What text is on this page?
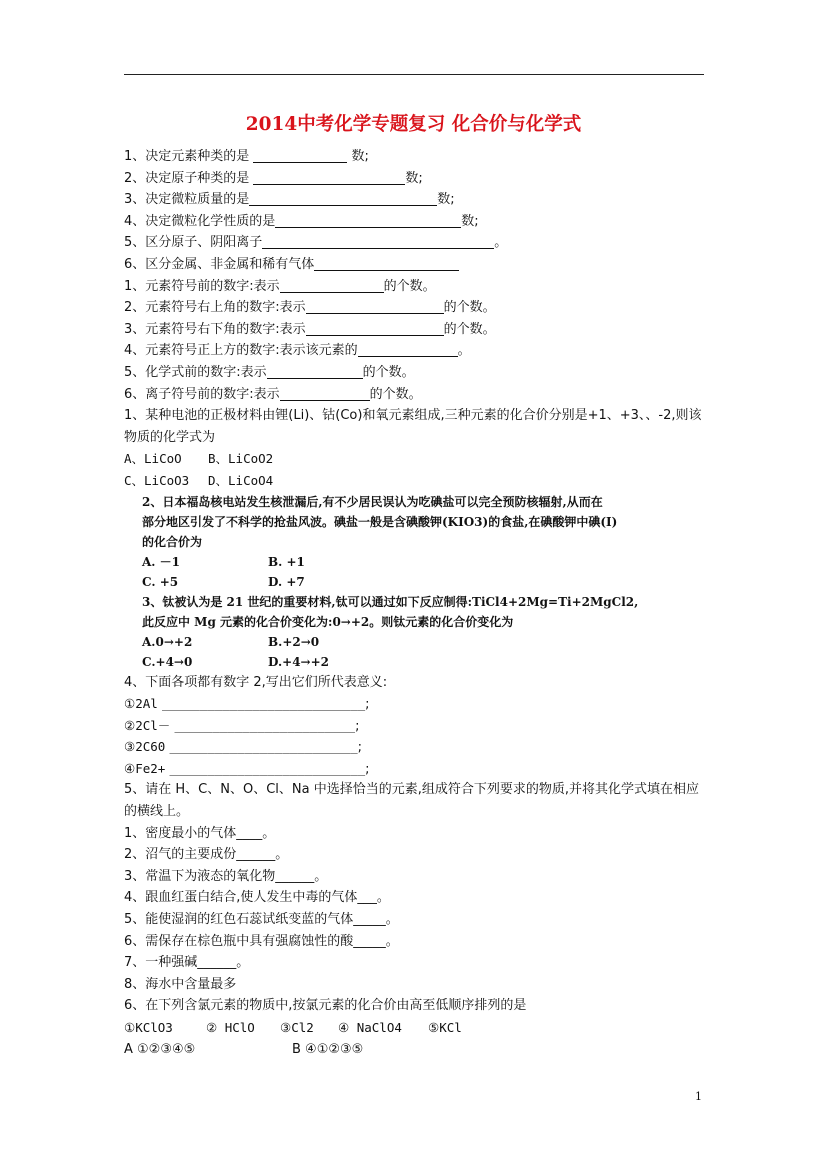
2014中考化学专题复习 化合价与化学式
1、决定元素种类的是	数;
2、决定原子种类的是	数;
3、决定微粒质量的是	数;
4、决定微粒化学性质的是	数;
5、区分原子、阴阳离子	。
6、区分金属、非金属和稀有气体
1、元素符号前的数字:表示	的个数。
2、元素符号右上角的数字:表示	的个数。
3、元素符号右下角的数字:表示	的个数。
4、元素符号正上方的数字:表示该元素的	。
5、化学式前的数字:表示	的个数。
6、离子符号前的数字:表示	的个数。
1、某种电池的正极材料由锂(Li)、钴(Co)和氧元素组成,三种元素的化合价分别是+1、+3、、-2,则该物质的化学式为
A、LiCoO B、LiCoO2
C、LiCoO3 D、LiCoO4
2、日本福岛核电站发生核泄漏后,有不少居民误认为吃碘盐可以完全预防核辐射,从而在
部分地区引发了不科学的抢盐风波。碘盐一般是含碘酸钾(KIO3)的食盐,在碘酸钾中碘(I)
的化合价为
A. －1	B. +1
C. +5	D. +7
3、钛被认为是 21 世纪的重要材料,钛可以通过如下反应制得:TiCl4+2Mg=Ti+2MgCl2,
此反应中 Mg 元素的化合价变化为:0→+2。则钛元素的化合价变化为
A.0→+2	B.+2→0
C.+4→0	D.+4→+2
4、下面各项都有数字 2,写出它们所代表意义:
①2Al ___________________________;
②2Cl－ ________________________;
③2C60 _________________________;
④Fe2+ __________________________;
5、请在 H、C、N、O、Cl、Na 中选择恰当的元素,组成符合下列要求的物质,并将其化学式填在相应的横线上。
1、密度最小的气体____。
2、沼气的主要成份______。
3、常温下为液态的氧化物______。
4、跟血红蛋白结合,使人发生中毒的气体___。
5、能使湿润的红色石蕊试纸变蓝的气体_____。
6、需保存在棕色瓶中具有强腐蚀性的酸_____。
7、一种强碱______。
8、海水中含量最多
6、在下列含氯元素的物质中,按氯元素的化合价由高至低顺序排列的是
①KClO3	② HClO ③Cl2 ④ NaClO4 ⑤KCl
A ①②③④⑤	B ④①②③⑤
1
